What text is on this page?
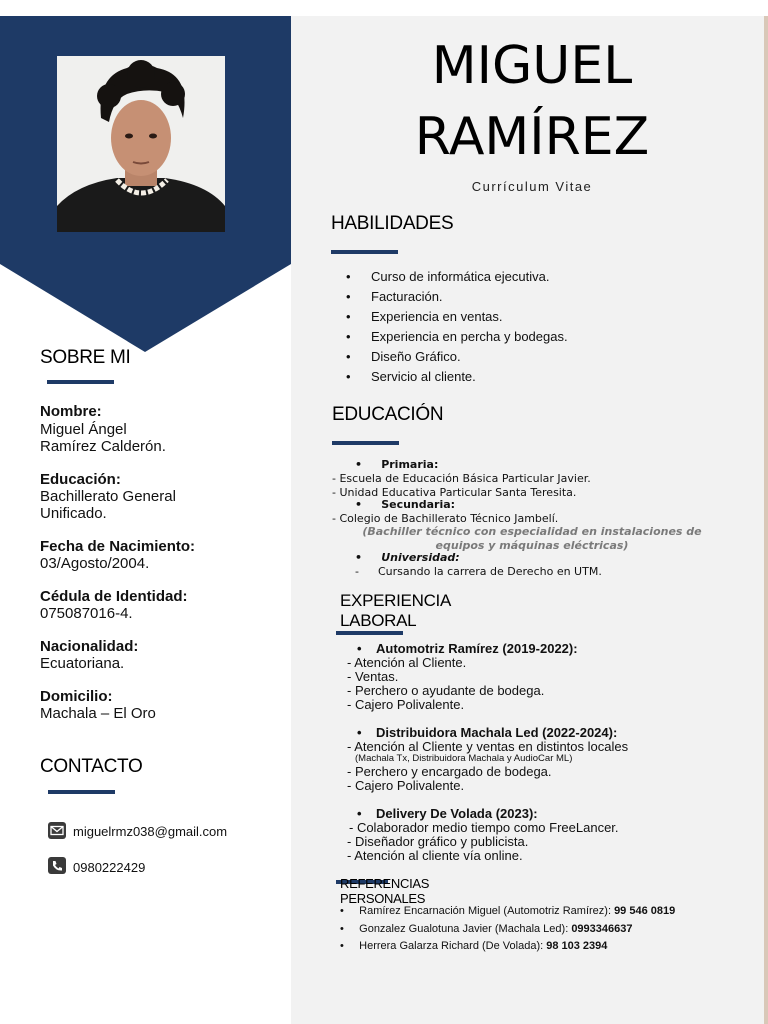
SOBRE MI
Nombre:
Miguel Ángel
Ramírez Calderón.
Educación:
Bachillerato General
Unificado.
Fecha de Nacimiento:
03/Agosto/2004.
Cédula de Identidad:
075087016-4.
Nacionalidad:
Ecuatoriana.
Domicilio:
Machala – El Oro
CONTACTO
miguelrmz038@gmail.com
0980222429
MIGUEL
RAMÍREZ
Currículum Vitae
HABILIDADES
• Curso de informática ejecutiva.
• Facturación.
• Experiencia en ventas.
• Experiencia en percha y bodegas.
• Diseño Gráfico.
• Servicio al cliente.
EDUCACIÓN
•     Primaria:
- Escuela de Educación Básica Particular Javier.
- Unidad Educativa Particular Santa Teresita.
•     Secundaria:
- Colegio de Bachillerato Técnico Jambelí.
(Bachiller técnico con especialidad en instalaciones de
equipos y máquinas eléctricas)
•     Universidad:
- Cursando la carrera de Derecho en UTM.
EXPERIENCIA
LABORAL
•    Automotriz Ramírez (2019-2022):
- Atención al Cliente.
- Ventas.
- Perchero o ayudante de bodega.
- Cajero Polivalente.
•    Distribuidora Machala Led (2022-2024):
- Atención al Cliente y ventas en distintos locales
(Machala Tx, Distribuidora Machala y AudioCar ML)
- Perchero y encargado de bodega.
- Cajero Polivalente.
•    Delivery De Volada (2023):
- Colaborador medio tiempo como FreeLancer.
- Diseñador gráfico y publicista.
- Atención al cliente vía online.
REFERENCIAS
PERSONALES
•     Ramírez Encarnación Miguel (Automotriz Ramírez): 99 546 0819
•     Gonzalez Gualotuna Javier (Machala Led): 0993346637
•     Herrera Galarza Richard (De Volada): 98 103 2394
